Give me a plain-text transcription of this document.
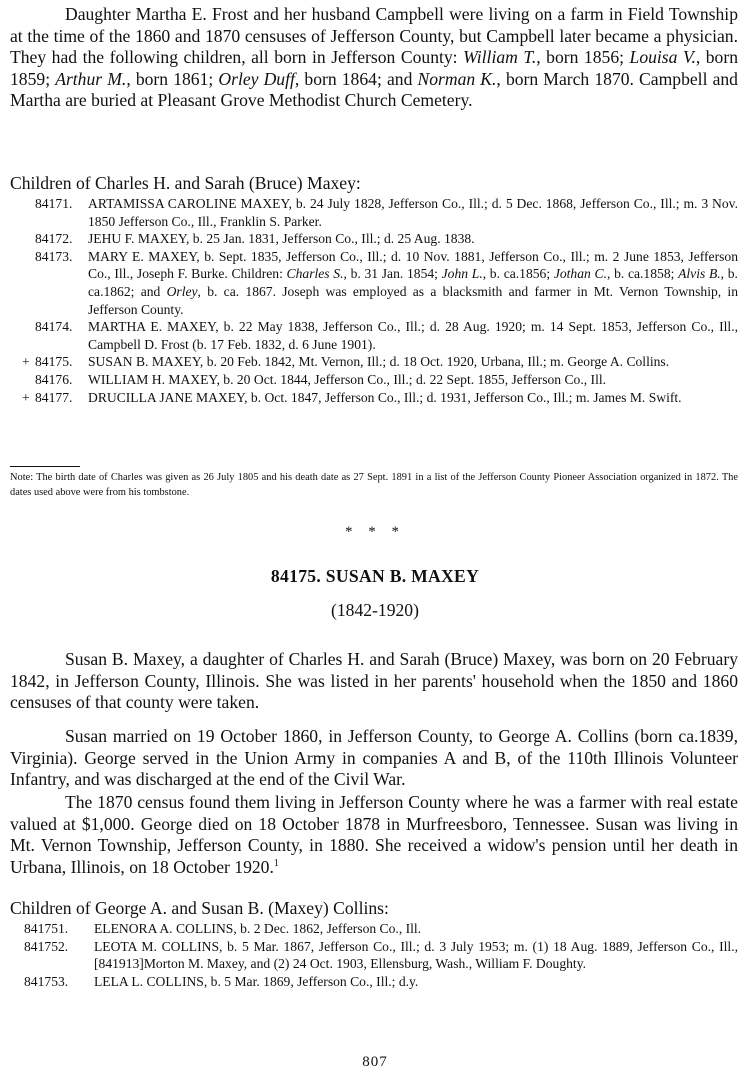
Daughter Martha E. Frost and her husband Campbell were living on a farm in Field Township at the time of the 1860 and 1870 censuses of Jefferson County, but Campbell later became a physician. They had the following children, all born in Jefferson County: William T., born 1856; Louisa V., born 1859; Arthur M., born 1861; Orley Duff, born 1864; and Norman K., born March 1870. Campbell and Martha are buried at Pleasant Grove Methodist Church Cemetery.

Children of Charles H. and Sarah (Bruce) Maxey:

84171. ARTAMISSA CAROLINE MAXEY, b. 24 July 1828, Jefferson Co., Ill.; d. 5 Dec. 1868, Jefferson Co., Ill.; m. 3 Nov. 1850 Jefferson Co., Ill., Franklin S. Parker.

84172. JEHU F. MAXEY, b. 25 Jan. 1831, Jefferson Co., Ill.; d. 25 Aug. 1838.

84173. MARY E. MAXEY, b. Sept. 1835, Jefferson Co., Ill.; d. 10 Nov. 1881, Jefferson Co., Ill.; m. 2 June 1853, Jefferson Co., Ill., Joseph F. Burke. Children: Charles S., b. 31 Jan. 1854; John L., b. ca.1856; Jothan C., b. ca.1858; Alvis B., b. ca.1862; and Orley, b. ca. 1867. Joseph was employed as a blacksmith and farmer in Mt. Vernon Township, in Jefferson County.

84174. MARTHA E. MAXEY, b. 22 May 1838, Jefferson Co., Ill.; d. 28 Aug. 1920; m. 14 Sept. 1853, Jefferson Co., Ill., Campbell D. Frost (b. 17 Feb. 1832, d. 6 June 1901).

+ 84175. SUSAN B. MAXEY, b. 20 Feb. 1842, Mt. Vernon, Ill.; d. 18 Oct. 1920, Urbana, Ill.; m. George A. Collins.

84176. WILLIAM H. MAXEY, b. 20 Oct. 1844, Jefferson Co., Ill.; d. 22 Sept. 1855, Jefferson Co., Ill.

+ 84177. DRUCILLA JANE MAXEY, b. Oct. 1847, Jefferson Co., Ill.; d. 1931, Jefferson Co., Ill.; m. James M. Swift.

Note: The birth date of Charles was given as 26 July 1805 and his death date as 27 Sept. 1891 in a list of the Jefferson County Pioneer Association organized in 1872. The dates used above were from his tombstone.

* * *

84175. SUSAN B. MAXEY

(1842-1920)

Susan B. Maxey, a daughter of Charles H. and Sarah (Bruce) Maxey, was born on 20 February 1842, in Jefferson County, Illinois. She was listed in her parents' household when the 1850 and 1860 censuses of that county were taken.

Susan married on 19 October 1860, in Jefferson County, to George A. Collins (born ca.1839, Virginia). George served in the Union Army in companies A and B, of the 110th Illinois Volunteer Infantry, and was discharged at the end of the Civil War.

The 1870 census found them living in Jefferson County where he was a farmer with real estate valued at $1,000. George died on 18 October 1878 in Murfreesboro, Tennessee. Susan was living in Mt. Vernon Township, Jefferson County, in 1880. She received a widow's pension until her death in Urbana, Illinois, on 18 October 1920.$^1$

Children of George A. and Susan B. (Maxey) Collins:

841751. ELENORA A. COLLINS, b. 2 Dec. 1862, Jefferson Co., Ill.

841752. LEOTA M. COLLINS, b. 5 Mar. 1867, Jefferson Co., Ill.; d. 3 July 1953; m. (1) 18 Aug. 1889, Jefferson Co., Ill., [841913]Morton M. Maxey, and (2) 24 Oct. 1903, Ellensburg, Wash., William F. Doughty.

841753. LELA L. COLLINS, b. 5 Mar. 1869, Jefferson Co., Ill.; d.y.

807
